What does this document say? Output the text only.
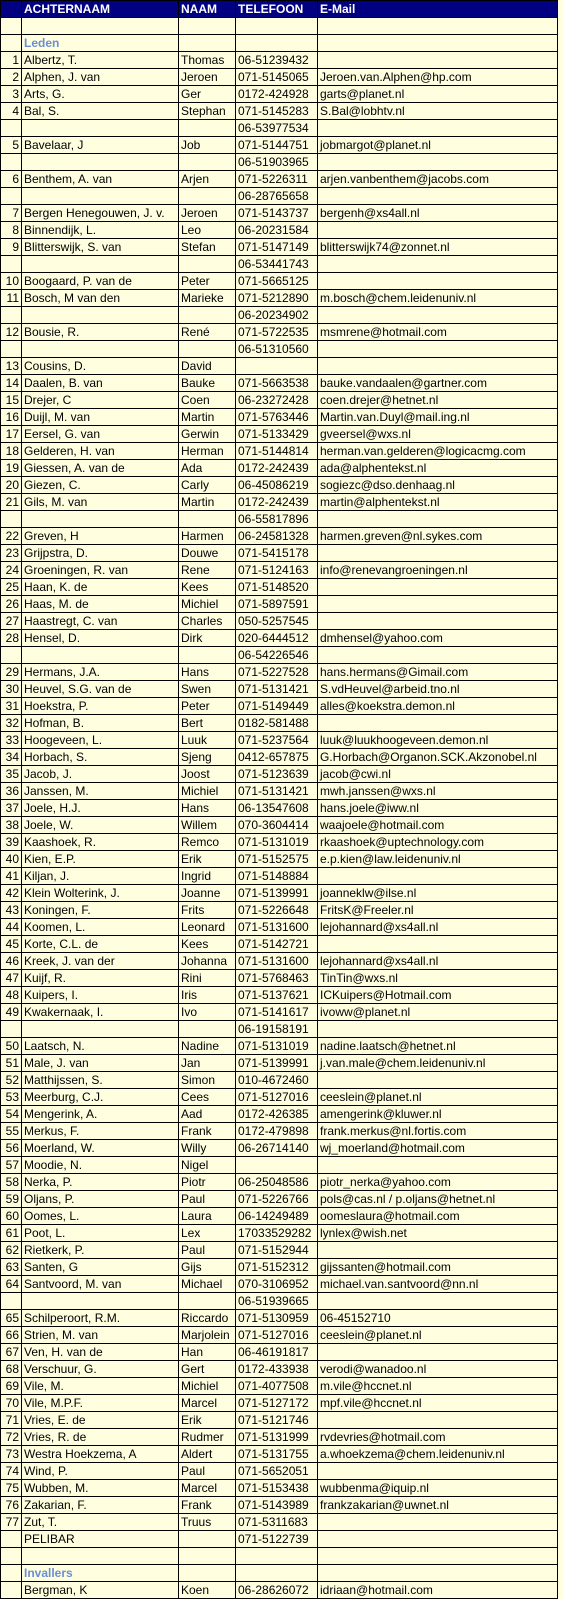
	ACHTERNAAM	NAAM	TELEFOON	E-Mail

	Leden			
1	Albertz, T.	Thomas	06-51239432	
2	Alphen, J. van	Jeroen	071-5145065	Jeroen.van.Alphen@hp.com
3	Arts, G.	Ger	0172-424928	garts@planet.nl
4	Bal, S.	Stephan	071-5145283	S.Bal@lobhtv.nl
			06-53977534	
5	Bavelaar, J	Job	071-5144751	jobmargot@planet.nl
			06-51903965	
6	Benthem, A. van	Arjen	071-5226311	arjen.vanbenthem@jacobs.com
			06-28765658	
7	Bergen Henegouwen, J. v.	Jeroen	071-5143737	bergenh@xs4all.nl
8	Binnendijk, L.	Leo	06-20231584	
9	Blitterswijk, S. van	Stefan	071-5147149	blitterswijk74@zonnet.nl
			06-53441743	
10	Boogaard, P. van de	Peter	071-5665125	
11	Bosch, M van den	Marieke	071-5212890	m.bosch@chem.leidenuniv.nl
			06-20234902	
12	Bousie, R.	René	071-5722535	msmrene@hotmail.com
			06-51310560	
13	Cousins, D.	David		
14	Daalen, B. van	Bauke	071-5663538	bauke.vandaalen@gartner.com
15	Drejer, C	Coen	06-23272428	coen.drejer@hetnet.nl
16	Duijl, M. van	Martin	071-5763446	Martin.van.Duyl@mail.ing.nl
17	Eersel, G. van	Gerwin	071-5133429	gveersel@wxs.nl
18	Gelderen, H. van	Herman	071-5144814	herman.van.gelderen@logicacmg.com
19	Giessen, A. van de	Ada	0172-242439	ada@alphentekst.nl
20	Giezen, C.	Carly	06-45086219	sogiezc@dso.denhaag.nl
21	Gils, M. van	Martin	0172-242439	martin@alphentekst.nl
			06-55817896	
22	Greven, H	Harmen	06-24581328	harmen.greven@nl.sykes.com
23	Grijpstra, D.	Douwe	071-5415178	
24	Groeningen, R. van	Rene	071-5124163	info@renevangroeningen.nl
25	Haan, K. de	Kees	071-5148520	
26	Haas, M. de	Michiel	071-5897591	
27	Haastregt, C. van	Charles	050-5257545	
28	Hensel, D.	Dirk	020-6444512	dmhensel@yahoo.com
			06-54226546	
29	Hermans, J.A.	Hans	071-5227528	hans.hermans@Gimail.com
30	Heuvel, S.G. van de	Swen	071-5131421	S.vdHeuvel@arbeid.tno.nl
31	Hoekstra, P.	Peter	071-5149449	alles@koekstra.demon.nl
32	Hofman, B.	Bert	0182-581488	
33	Hoogeveen, L.	Luuk	071-5237564	luuk@luukhoogeveen.demon.nl
34	Horbach, S.	Sjeng	0412-657875	G.Horbach@Organon.SCK.Akzonobel.nl
35	Jacob, J.	Joost	071-5123639	jacob@cwi.nl
36	Janssen, M.	Michiel	071-5131421	mwh.janssen@wxs.nl
37	Joele, H.J.	Hans	06-13547608	hans.joele@iww.nl
38	Joele, W.	Willem	070-3604414	waajoele@hotmail.com
39	Kaashoek, R.	Remco	071-5131019	rkaashoek@uptechnology.com
40	Kien, E.P.	Erik	071-5152575	e.p.kien@law.leidenuniv.nl
41	Kiljan, J.	Ingrid	071-5148884	
42	Klein Wolterink, J.	Joanne	071-5139991	joanneklw@ilse.nl
43	Koningen, F.	Frits	071-5226648	FritsK@Freeler.nl
44	Koomen, L.	Leonard	071-5131600	lejohannard@xs4all.nl
45	Korte, C.L. de	Kees	071-5142721	
46	Kreek, J. van der	Johanna	071-5131600	lejohannard@xs4all.nl
47	Kuijf, R.	Rini	071-5768463	TinTin@wxs.nl
48	Kuipers, I.	Iris	071-5137621	ICKuipers@Hotmail.com
49	Kwakernaak, I.	Ivo	071-5141617	ivoww@planet.nl
			06-19158191	
50	Laatsch, N.	Nadine	071-5131019	nadine.laatsch@hetnet.nl
51	Male, J. van	Jan	071-5139991	j.van.male@chem.leidenuniv.nl
52	Matthijssen, S.	Simon	010-4672460	
53	Meerburg, C.J.	Cees	071-5127016	ceeslein@planet.nl
54	Mengerink, A.	Aad	0172-426385	amengerink@kluwer.nl
55	Merkus, F.	Frank	0172-479898	frank.merkus@nl.fortis.com
56	Moerland, W.	Willy	06-26714140	wj_moerland@hotmail.com
57	Moodie, N.	Nigel		
58	Nerka, P.	Piotr	06-25048586	piotr_nerka@yahoo.com
59	Oljans, P.	Paul	071-5226766	pols@cas.nl / p.oljans@hetnet.nl
60	Oomes, L.	Laura	06-14249489	oomeslaura@hotmail.com
61	Poot, L.	Lex	17033529282	lynlex@wish.net
62	Rietkerk, P.	Paul	071-5152944	
63	Santen, G	Gijs	071-5152312	gijssanten@hotmail.com
64	Santvoord, M. van	Michael	070-3106952	michael.van.santvoord@nn.nl
			06-51939665	
65	Schilperoort, R.M.	Riccardo	071-5130959	06-45152710
66	Strien, M. van	Marjolein	071-5127016	ceeslein@planet.nl
67	Ven, H. van de	Han	06-46191817	
68	Verschuur, G.	Gert	0172-433938	verodi@wanadoo.nl
69	Vile, M.	Michiel	071-4077508	m.vile@hccnet.nl
70	Vile, M.P.F.	Marcel	071-5127172	mpf.vile@hccnet.nl
71	Vries, E. de	Erik	071-5121746	
72	Vries, R. de	Rudmer	071-5131999	rvdevries@hotmail.com
73	Westra Hoekzema, A	Aldert	071-5131755	a.whoekzema@chem.leidenuniv.nl
74	Wind, P.	Paul	071-5652051	
75	Wubben, M.	Marcel	071-5153438	wubbenma@iquip.nl
76	Zakarian, F.	Frank	071-5143989	frankzakarian@uwnet.nl
77	Zut, T.	Truus	071-5311683	
	PELIBAR		071-5122739	

	Invallers			
	Bergman, K	Koen	06-28626072	idriaan@hotmail.com
